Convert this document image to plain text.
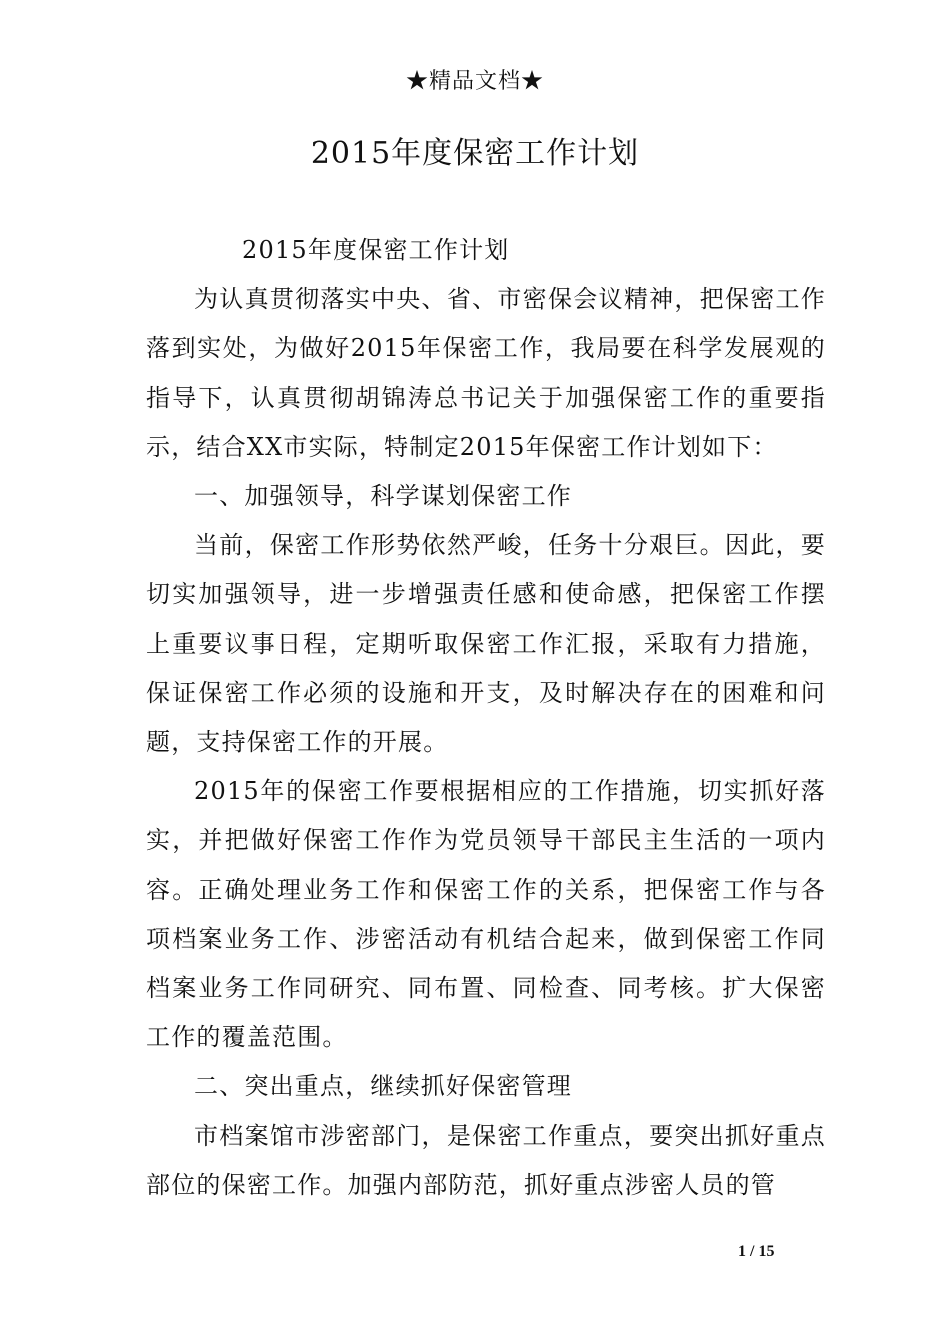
★精品文档★
2015年度保密工作计划

2015年度保密工作计划

为认真贯彻落实中央、省、市密保会议精神，把保密工作落到实处，为做好2015年保密工作，我局要在科学发展观的指导下，认真贯彻胡锦涛总书记关于加强保密工作的重要指示，结合XX市实际，特制定2015年保密工作计划如下：

一、加强领导，科学谋划保密工作

当前，保密工作形势依然严峻，任务十分艰巨。因此，要切实加强领导，进一步增强责任感和使命感，把保密工作摆上重要议事日程，定期听取保密工作汇报，采取有力措施，保证保密工作必须的设施和开支，及时解决存在的困难和问题，支持保密工作的开展。

2015年的保密工作要根据相应的工作措施，切实抓好落实，并把做好保密工作作为党员领导干部民主生活的一项内容。正确处理业务工作和保密工作的关系，把保密工作与各项档案业务工作、涉密活动有机结合起来，做到保密工作同档案业务工作同研究、同布置、同检查、同考核。扩大保密工作的覆盖范围。

二、突出重点，继续抓好保密管理

市档案馆市涉密部门，是保密工作重点，要突出抓好重点部位的保密工作。加强内部防范，抓好重点涉密人员的管

1 / 15
